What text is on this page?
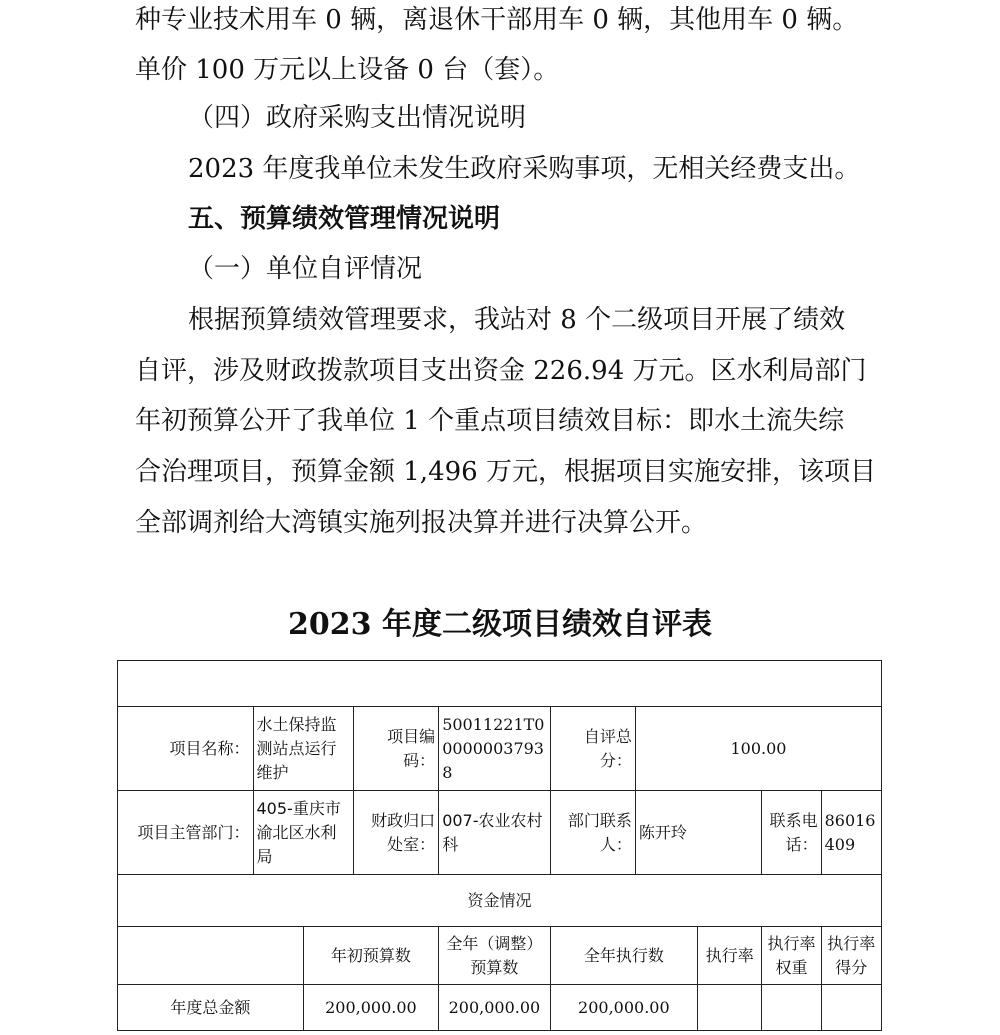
种专业技术用车 0 辆，离退休干部用车 0 辆，其他用车 0 辆。
单价 100 万元以上设备 0 台（套）。
（四）政府采购支出情况说明
2023 年度我单位未发生政府采购事项，无相关经费支出。
五、预算绩效管理情况说明
（一）单位自评情况
根据预算绩效管理要求，我站对 8 个二级项目开展了绩效
自评，涉及财政拨款项目支出资金 226.94 万元。区水利局部门
年初预算公开了我单位 1 个重点项目绩效目标：即水土流失综
合治理项目，预算金额 1,496 万元，根据项目实施安排，该项目
全部调剂给大湾镇实施列报决算并进行决算公开。
2023 年度二级项目绩效自评表

项目名称：	水土保持监测站点运行维护		项目编码：	50011221T000000037938	自评总分：	100.00			
项目主管部门：	405-重庆市渝北区水利局		财政归口处室：	007-农业农村科	部门联系人：	陈开玲		联系电话：	86016409
资金情况									
		年初预算数		全年（调整）预算数	全年执行数		执行率	执行率权重	执行率得分
年度总金额		200,000.00		200,000.00	200,000.00				
